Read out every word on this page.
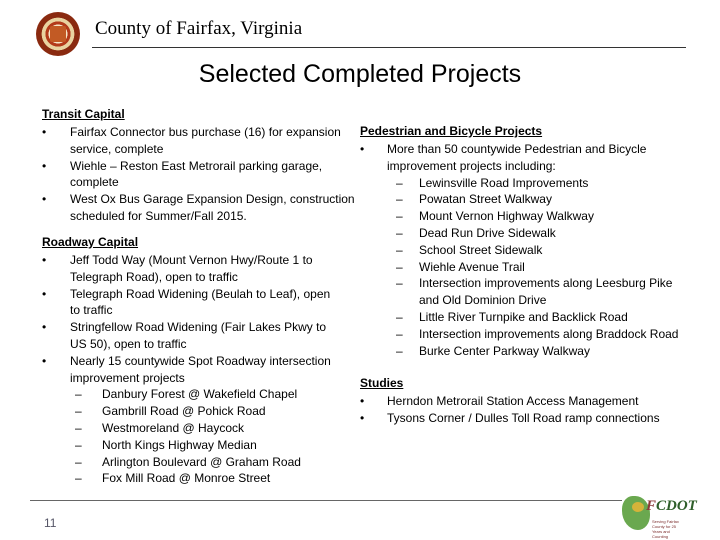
County of Fairfax, Virginia
Selected Completed Projects
Transit Capital
• Fairfax Connector bus purchase (16) for expansion service, complete
• Wiehle – Reston East Metrorail parking garage, complete
• West Ox Bus Garage Expansion Design, construction scheduled for Summer/Fall 2015.
Roadway Capital
• Jeff Todd Way (Mount Vernon Hwy/Route 1 to Telegraph Road), open to traffic
• Telegraph Road Widening (Beulah to Leaf), open to traffic
• Stringfellow Road Widening (Fair Lakes Pkwy to US 50), open to traffic
• Nearly 15 countywide Spot Roadway intersection improvement projects
– Danbury Forest @ Wakefield Chapel
– Gambrill Road @ Pohick Road
– Westmoreland @ Haycock
– North Kings Highway Median
– Arlington Boulevard @ Graham Road
– Fox Mill Road @ Monroe Street
Pedestrian and Bicycle Projects
• More than 50 countywide Pedestrian and Bicycle improvement projects including:
– Lewinsville Road Improvements
– Powatan Street Walkway
– Mount Vernon Highway Walkway
– Dead Run Drive Sidewalk
– School Street Sidewalk
– Wiehle Avenue Trail
– Intersection improvements along Leesburg Pike and Old Dominion Drive
– Little River Turnpike and Backlick Road
– Intersection improvements along Braddock Road
– Burke Center Parkway Walkway
Studies
• Herndon Metrorail Station Access Management
• Tysons Corner / Dulles Toll Road ramp connections
11
FCDOT
Serving Fairfax County for 25 Years and Counting
